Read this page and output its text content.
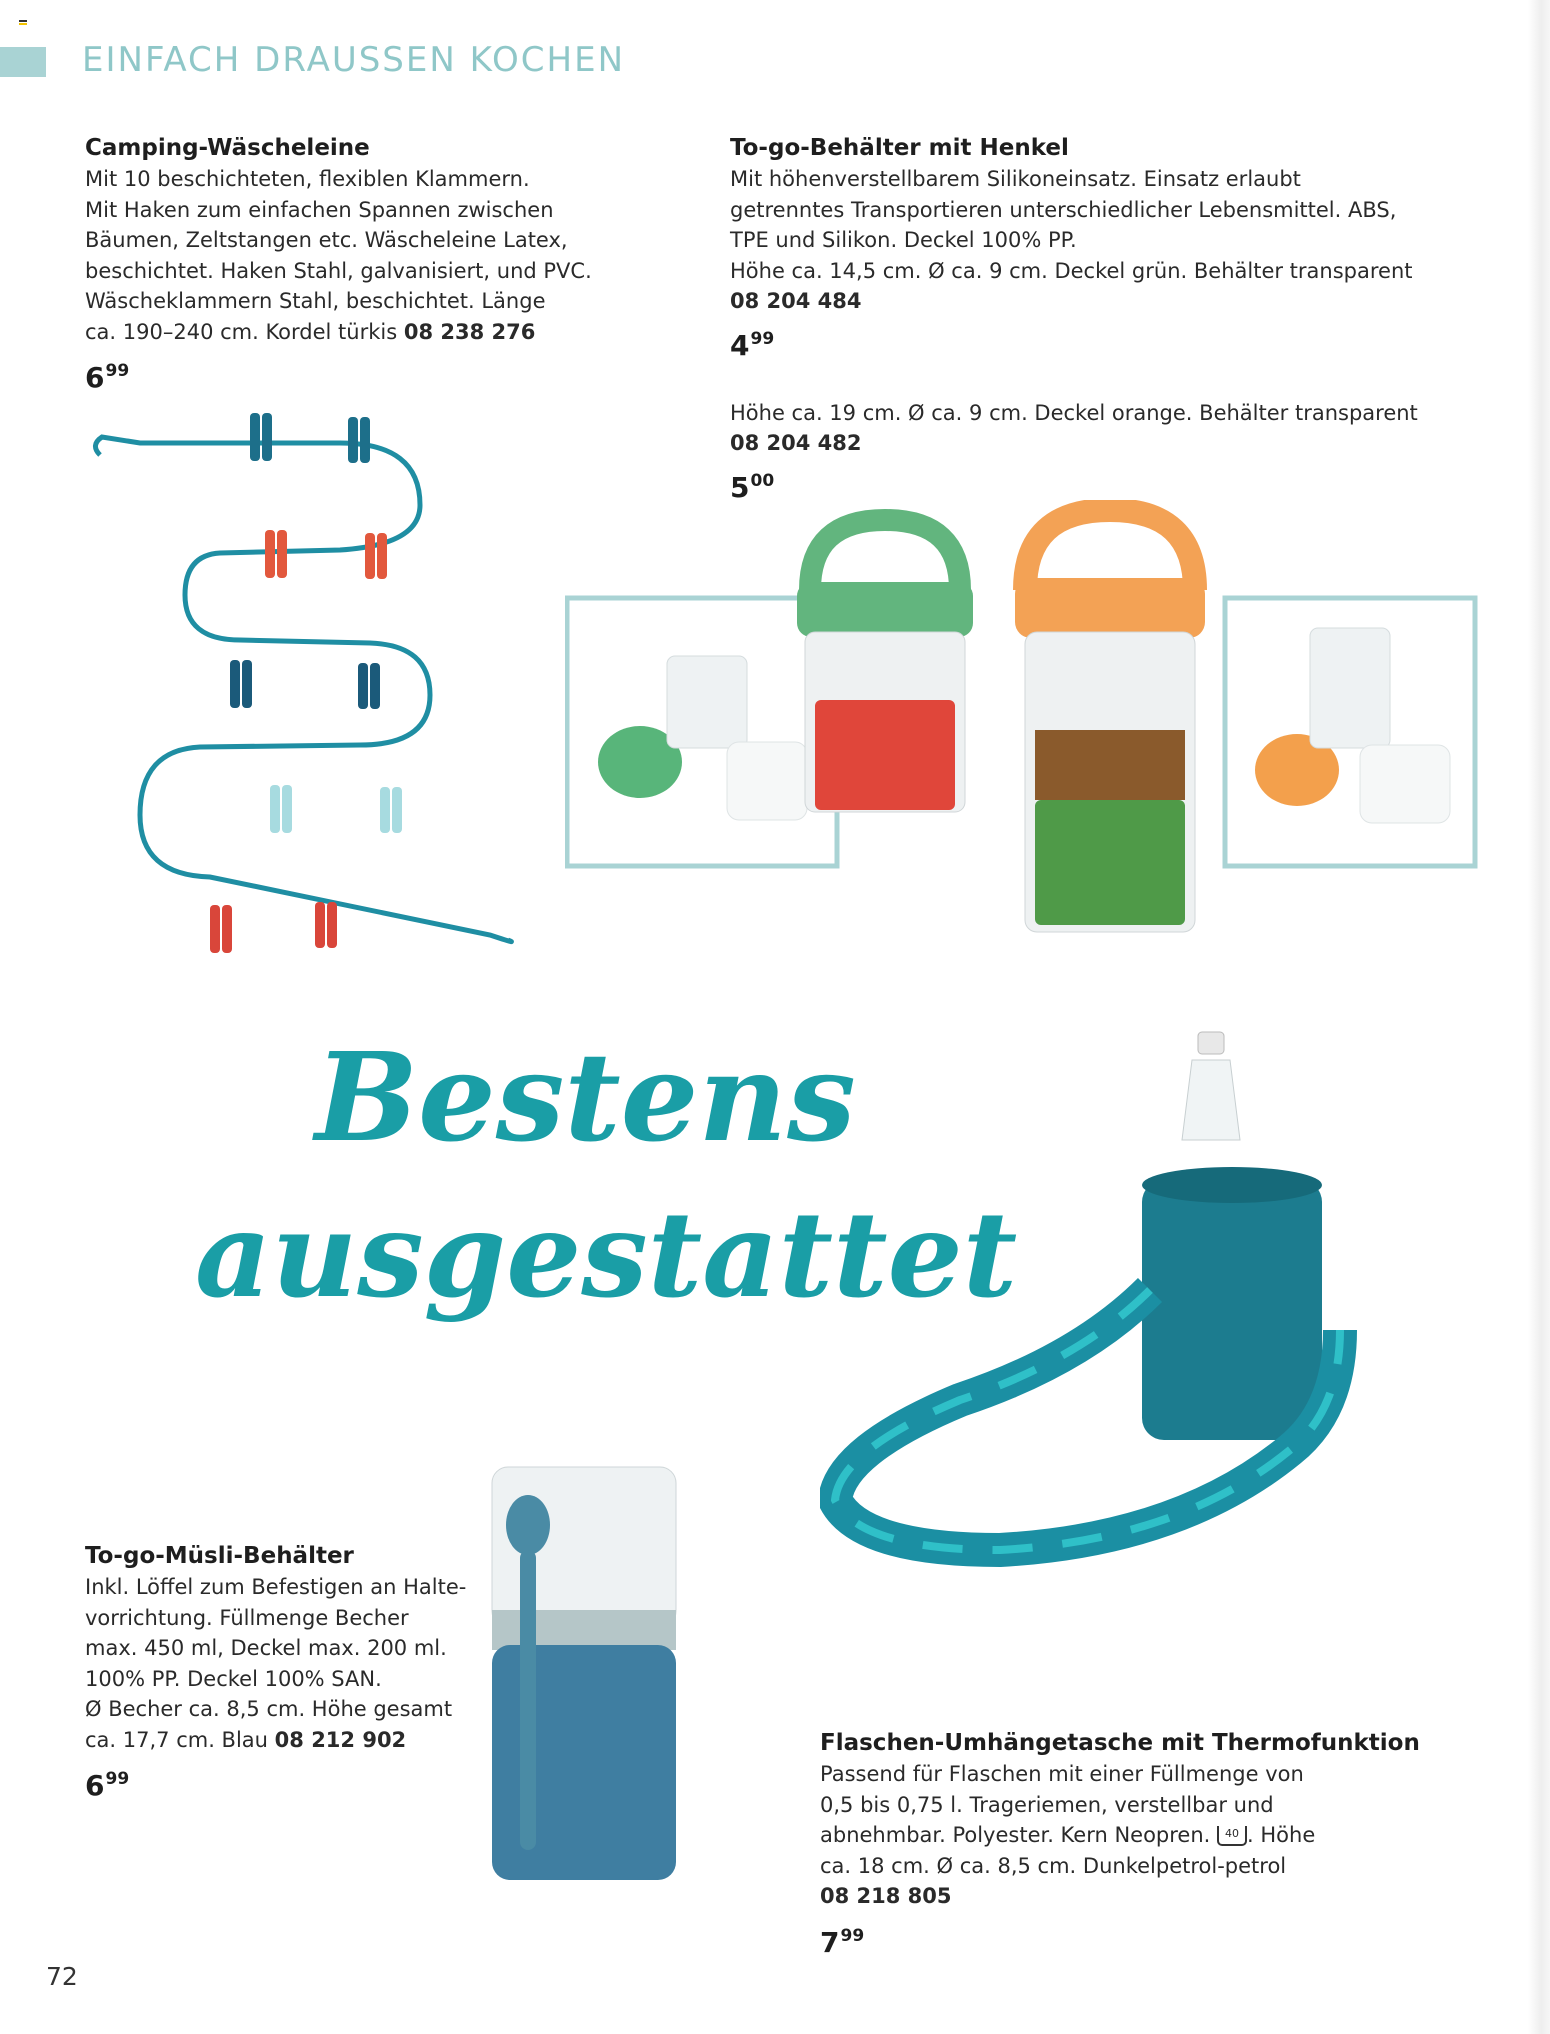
EINFACH DRAUSSEN KOCHEN
Camping-Wäscheleine

Mit 10 beschichteten, flexiblen Klammern.

Mit Haken zum einfachen Spannen zwischen

Bäumen, Zeltstangen etc. Wäscheleine Latex,

beschichtet. Haken Stahl, galvanisiert, und PVC.

Wäscheklammern Stahl, beschichtet. Länge

ca. 190–240 cm. Kordel türkis 08 238 276

$6^{99}$
To-go-Behälter mit Henkel

Mit höhenverstellbarem Silikoneinsatz. Einsatz erlaubt

getrenntes Transportieren unterschiedlicher Lebensmittel. ABS,

TPE und Silikon. Deckel 100% PP.

Höhe ca. 14,5 cm. Ø ca. 9 cm. Deckel grün. Behälter transparent

08 204 484

$4^{99}$

Höhe ca. 19 cm. Ø ca. 9 cm. Deckel orange. Behälter transparent

08 204 482

$5^{00}$
Bestens
ausgestattet
To-go-Müsli-Behälter

Inkl. Löffel zum Befestigen an Halte-

vorrichtung. Füllmenge Becher

max. 450 ml, Deckel max. 200 ml.

100% PP. Deckel 100% SAN.

Ø Becher ca. 8,5 cm. Höhe gesamt

ca. 17,7 cm. Blau 08 212 902

$6^{99}$
Flaschen-Umhängetasche mit Thermofunktion

Passend für Flaschen mit einer Füllmenge von

0,5 bis 0,75 l. Trageriemen, verstellbar und

abnehmbar. Polyester. Kern Neopren. 40 . Höhe

ca. 18 cm. Ø ca. 8,5 cm. Dunkelpetrol-petrol

08 218 805

$7^{99}$
72
